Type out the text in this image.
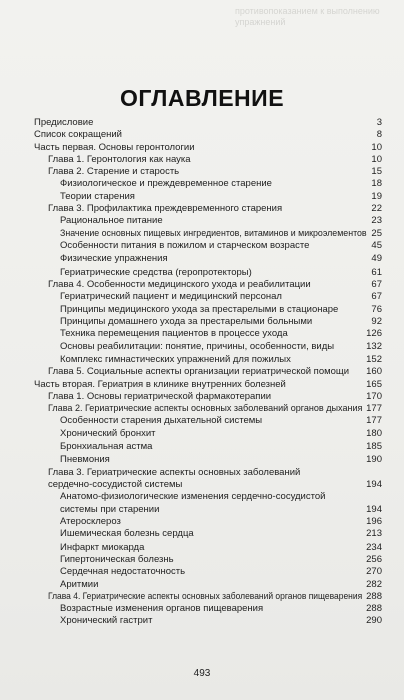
противопоказанием к выполнению упражнений
ОГЛАВЛЕНИЕ
Предисловие	3
Список сокращений	8
Часть первая. Основы геронтологии	10
Глава 1. Геронтология как наука	10
Глава 2. Старение и старость	15
Физиологическое и преждевременное старение	18
Теории старения	19
Глава 3. Профилактика преждевременного старения	22
Рациональное питание	23
Значение основных пищевых ингредиентов, витаминов и микроэлементов 25
Особенности питания в пожилом и старческом возрасте	45
Физические упражнения	49
Гериатрические средства (геропротекторы)	61
Глава 4. Особенности медицинского ухода и реабилитации	67
Гериатрический пациент и медицинский персонал	67
Принципы медицинского ухода за престарелыми в стационаре	76
Принципы домашнего ухода за престарелыми больными	92
Техника перемещения пациентов в процессе ухода	126
Основы реабилитации: понятие, причины, особенности, виды	132
Комплекс гимнастических упражнений для пожилых	152
Глава 5. Социальные аспекты организации гериатрической помощи 160
Часть вторая. Гериатрия в клинике внутренних болезней	165
Глава 1. Основы гериатрической фармакотерапии	170
Глава 2. Гериатрические аспекты основных заболеваний органов дыхания 177
Особенности старения дыхательной системы	177
Хронический бронхит	180
Бронхиальная астма	185
Пневмония	190
Глава 3. Гериатрические аспекты основных заболеваний
сердечно-сосудистой системы	194
Анатомо-физиологические изменения сердечно-сосудистой
системы при старении	194
Атеросклероз	196
Ишемическая болезнь сердца	213
Инфаркт миокарда	234
Гипертоническая болезнь	256
Сердечная недостаточность	270
Аритмии	282
Глава 4. Гериатрические аспекты основных заболеваний органов пищеварения 288
Возрастные изменения органов пищеварения	288
Хронический гастрит	290
493
